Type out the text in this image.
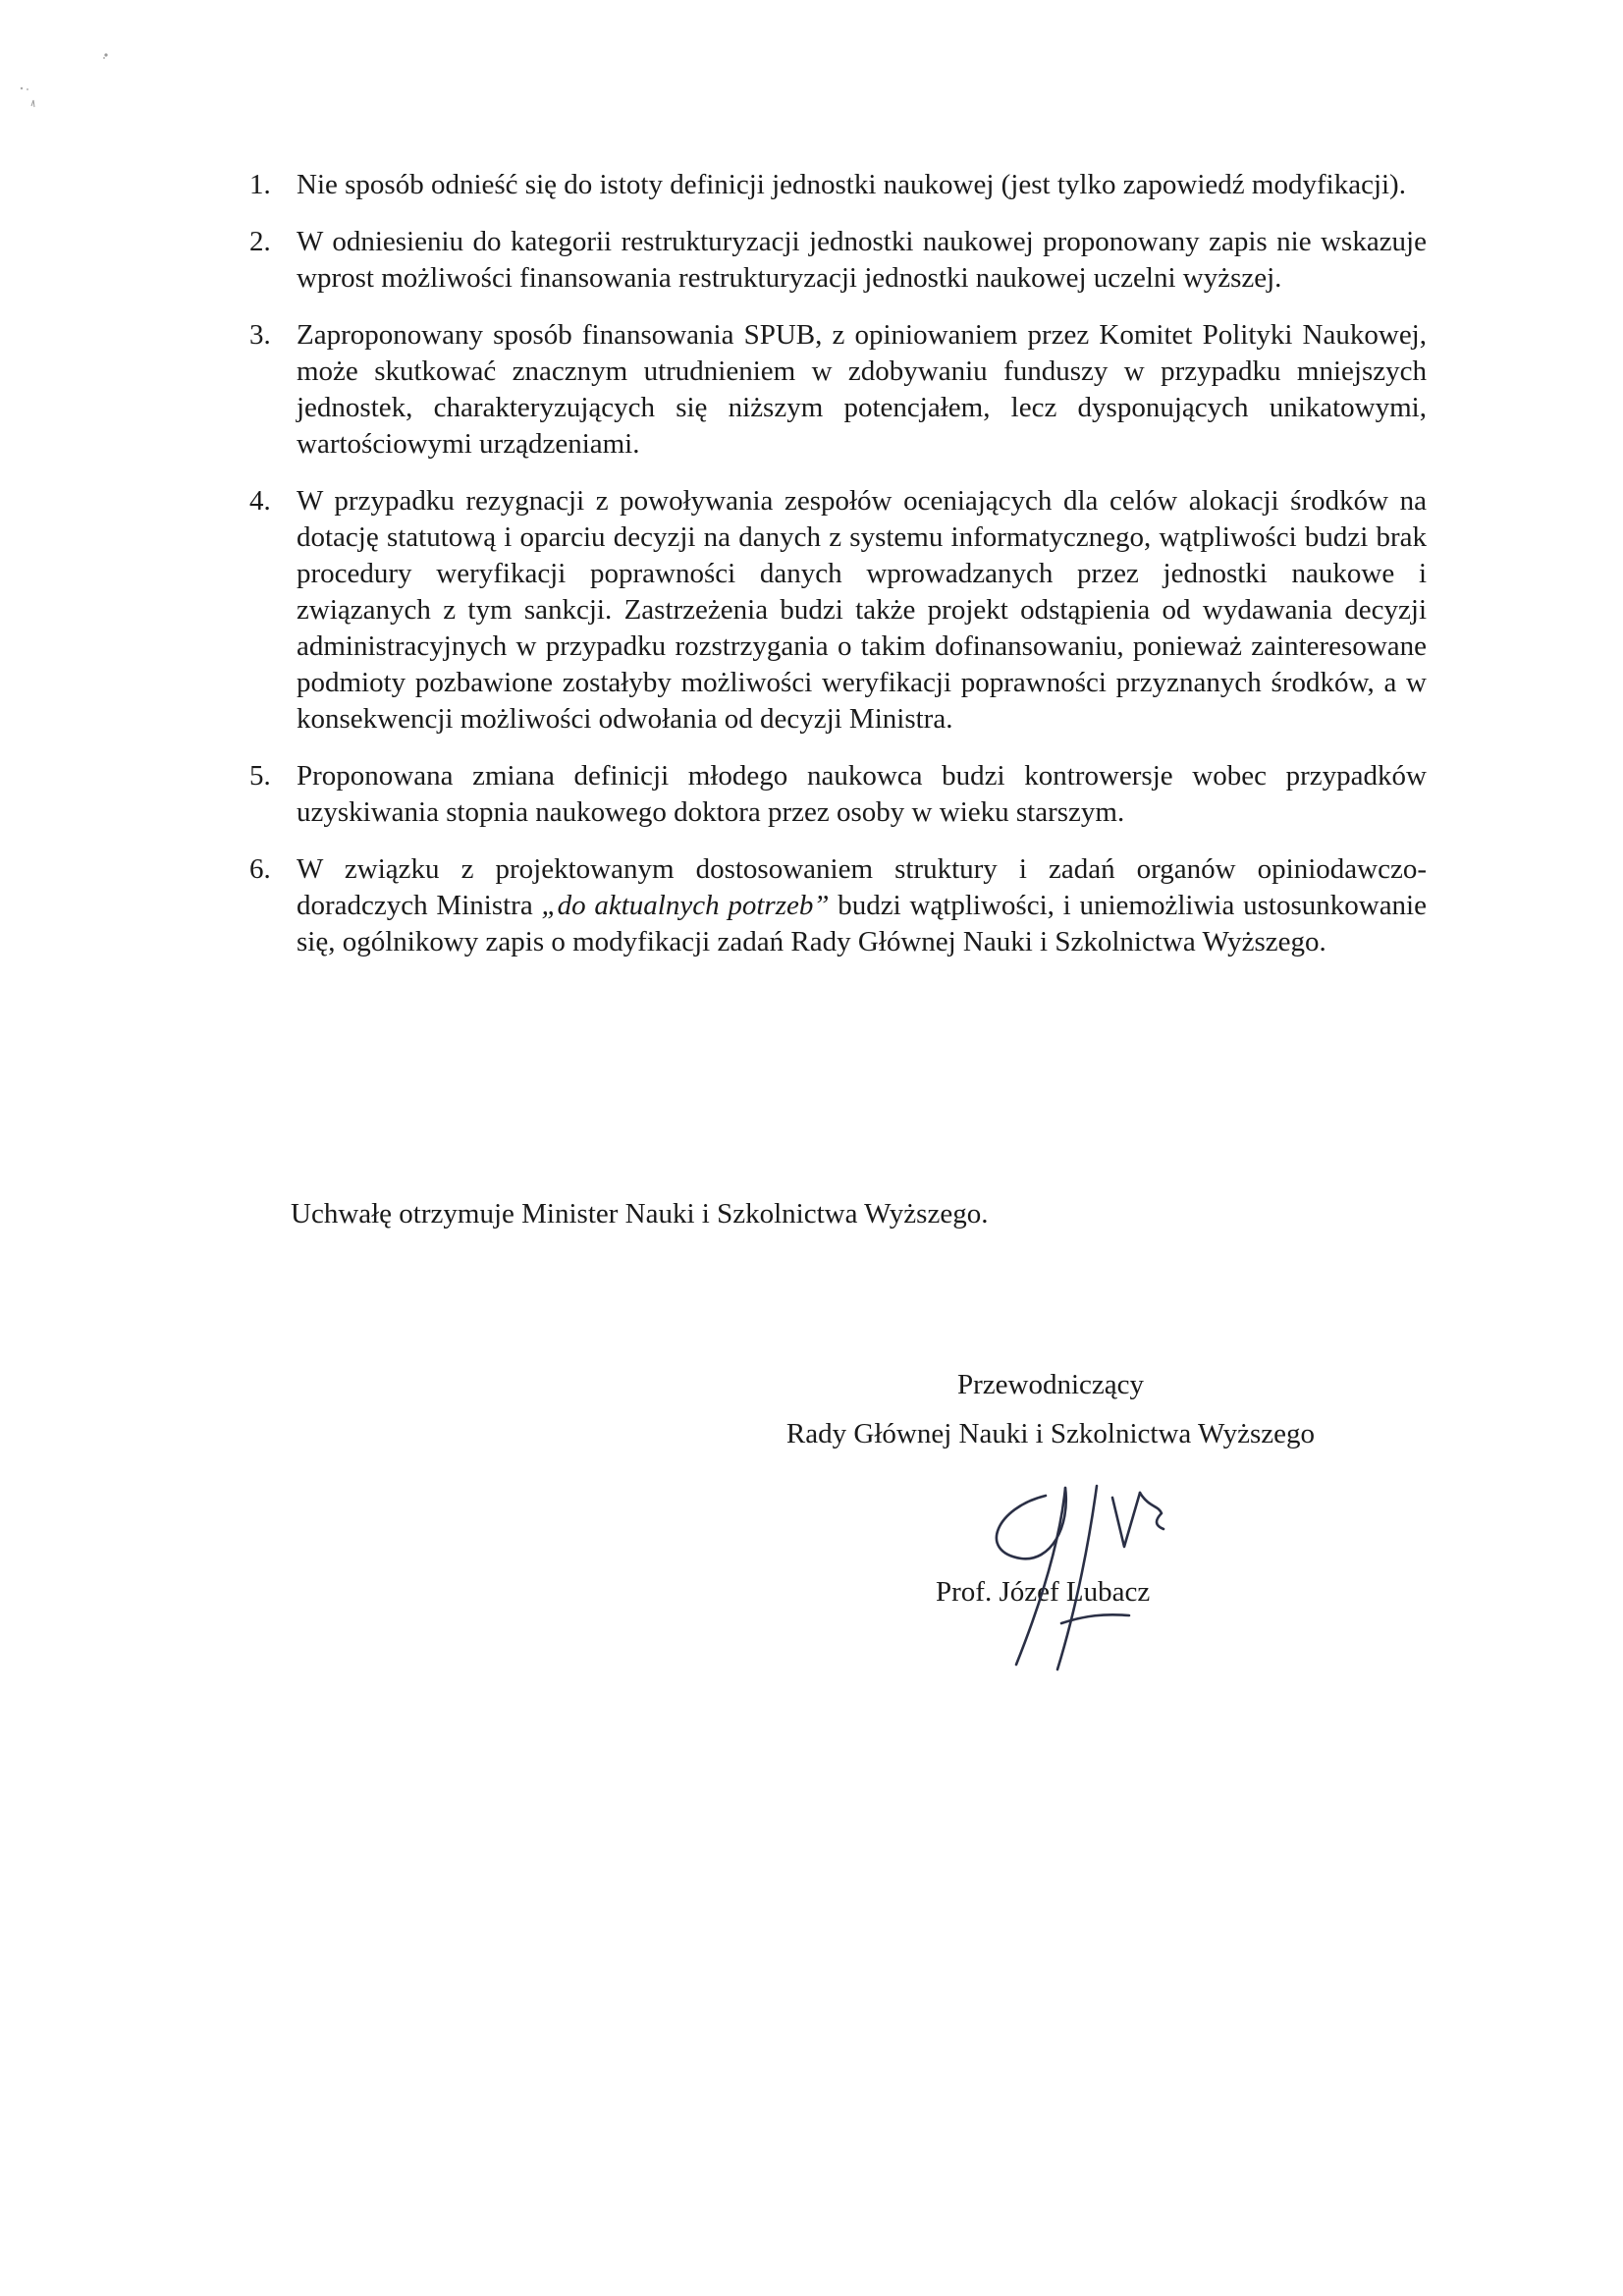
1. Nie sposób odnieść się do istoty definicji jednostki naukowej (jest tylko zapowiedź modyfikacji).
2. W odniesieniu do kategorii restrukturyzacji jednostki naukowej proponowany zapis nie wskazuje wprost możliwości finansowania restrukturyzacji jednostki naukowej uczelni wyższej.
3. Zaproponowany sposób finansowania SPUB, z opiniowaniem przez Komitet Polityki Naukowej, może skutkować znacznym utrudnieniem w zdobywaniu funduszy w przypadku mniejszych jednostek, charakteryzujących się niższym potencjałem, lecz dysponujących unikatowymi, wartościowymi urządzeniami.
4. W przypadku rezygnacji z powoływania zespołów oceniających dla celów alokacji środków na dotację statutową i oparciu decyzji na danych z systemu informatycznego, wątpliwości budzi brak procedury weryfikacji poprawności danych wprowadzanych przez jednostki naukowe i związanych z tym sankcji. Zastrzeżenia budzi także projekt odstąpienia od wydawania decyzji administracyjnych w przypadku rozstrzygania o takim dofinansowaniu, ponieważ zainteresowane podmioty pozbawione zostałyby możliwości weryfikacji poprawności przyznanych środków, a w konsekwencji możliwości odwołania od decyzji Ministra.
5. Proponowana zmiana definicji młodego naukowca budzi kontrowersje wobec przypadków uzyskiwania stopnia naukowego doktora przez osoby w wieku starszym.
6. W związku z projektowanym dostosowaniem struktury i zadań organów opiniodawczo-doradczych Ministra „do aktualnych potrzeb” budzi wątpliwości, i uniemożliwia ustosunkowanie się, ogólnikowy zapis o modyfikacji zadań Rady Głównej Nauki i Szkolnictwa Wyższego.

Uchwałę otrzymuje Minister Nauki i Szkolnictwa Wyższego.

Przewodniczący
Rady Głównej Nauki i Szkolnictwa Wyższego
Prof. Józef Lubacz
